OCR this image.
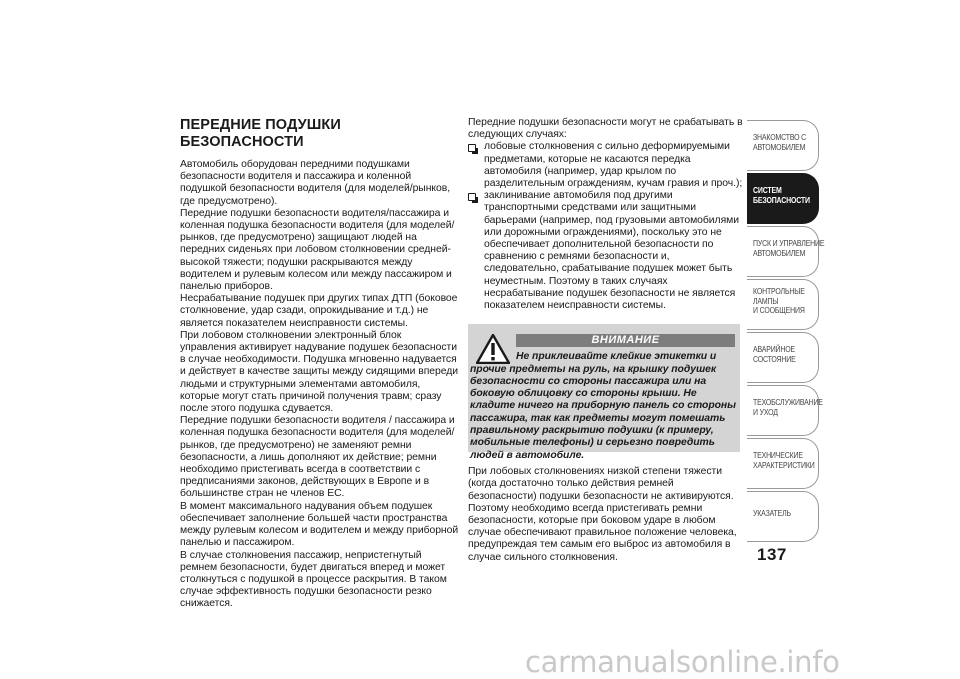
ПЕРЕДНИЕ ПОДУШКИ БЕЗОПАСНОСТИ

Автомобиль оборудован передними подушками безопасности водителя и пассажира и коленной подушкой безопасности водителя (для моделей/рынков, где предусмотрено).

Передние подушки безопасности водителя/пассажира и коленная подушка безопасности водителя (для моделей/рынков, где предусмотрено) защищают людей на передних сиденьях при лобовом столкновении средней-высокой тяжести; подушки раскрываются между водителем и рулевым колесом или между пассажиром и панелью приборов.

Несрабатывание подушек при других типах ДТП (боковое столкновение, удар сзади, опрокидывание и т.д.) не является показателем неисправности системы.

При лобовом столкновении электронный блок управления активирует надувание подушек безопасности в случае необходимости. Подушка мгновенно надувается и действует в качестве защиты между сидящими впереди людьми и структурными элементами автомобиля, которые могут стать причиной получения травм; сразу после этого подушка сдувается.

Передние подушки безопасности водителя / пассажира и коленная подушка безопасности водителя (для моделей/рынков, где предусмотрено) не заменяют ремни безопасности, а лишь дополняют их действие; ремни необходимо пристегивать всегда в соответствии с предписаниями законов, действующих в Европе и в большинстве стран не членов ЕС.

В момент максимального надувания объем подушек обеспечивает заполнение большей части пространства между рулевым колесом и водителем и между приборной панелью и пассажиром.

В случае столкновения пассажир, непристегнутый ремнем безопасности, будет двигаться вперед и может столкнуться с подушкой в процессе раскрытия. В таком случае эффективность подушки безопасности резко снижается.

Передние подушки безопасности могут не срабатывать в следующих случаях:

лобовые столкновения с сильно деформируемыми предметами, которые не касаются передка автомобиля (например, удар крылом по разделительным ограждениям, кучам гравия и проч.);
заклинивание автомобиля под другими транспортными средствами или защитными барьерами (например, под грузовыми автомобилями или дорожными ограждениями), поскольку это не обеспечивает дополнительной безопасности по сравнению с ремнями безопасности и, следовательно, срабатывание подушек может быть неуместным. Поэтому в таких случаях несрабатывание подушек безопасности не является показателем неисправности системы.
ВНИМАНИЕ
Не приклеивайте клейкие этикетки и прочие предметы на руль, на крышку подушек безопасности со стороны пассажира или на боковую облицовку со стороны крыши. Не кладите ничего на приборную панель со стороны пассажира, так как предметы могут помешать правильному раскрытию подушки (к примеру, мобильные телефоны) и серьезно повредить людей в автомобиле.

При лобовых столкновениях низкой степени тяжести (когда достаточно только действия ремней безопасности) подушки безопасности не активируются. Поэтому необходимо всегда пристегивать ремни безопасности, которые при боковом ударе в любом случае обеспечивают правильное положение человека, предупреждая тем самым его выброс из автомобиля в случае сильного столкновения.

ЗНАКОМСТВО С
АВТОМОБИЛЕМ
СИСТЕМ
БЕЗОПАСНОСТИ
ПУСК И УПРАВЛЕНИЕ
АВТОМОБИЛЕМ
КОНТРОЛЬНЫЕ
ЛАМПЫ
И СООБЩЕНИЯ
АВАРИЙНОЕ
СОСТОЯНИЕ
ТЕХОБСЛУЖИВАНИЕ
И УХОД
ТЕХНИЧЕСКИЕ
ХАРАКТЕРИСТИКИ
УКАЗАТЕЛЬ
137
carmanualsonline.info
